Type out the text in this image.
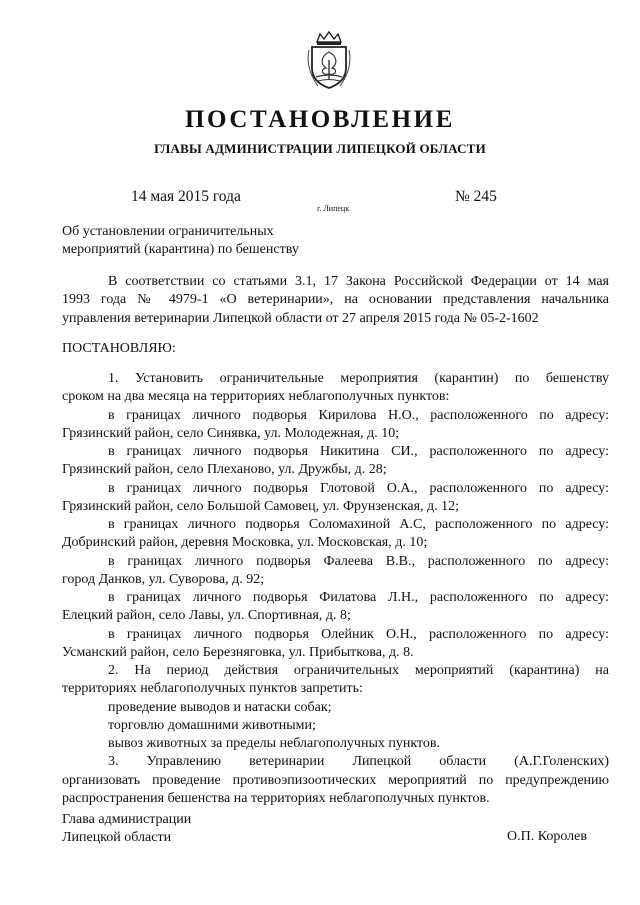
ПОСТАНОВЛЕНИЕ
ГЛАВЫ АДМИНИСТРАЦИИ ЛИПЕЦКОЙ ОБЛАСТИ
14 мая 2015 года
г. Липецк
№ 245
Об установлении ограничительных
мероприятий (карантина) по бешенству

В соответствии со статьями 3.1, 17 Закона Российской Федерации от 14 мая

1993 года № 4979-1 «О ветеринарии», на основании представления начальника

управления ветеринарии Липецкой области от 27 апреля 2015 года № 05-2-1602

ПОСТАНОВЛЯЮ:

1. Установить ограничительные мероприятия (карантин) по бешенству

сроком на два месяца на территориях неблагополучных пунктов:

в границах личного подворья Кирилова Н.О., расположенного по адресу:

Грязинский район, село Синявка, ул. Молодежная, д. 10;

в границах личного подворья Никитина СИ., расположенного по адресу:

Грязинский район, село Плеханово, ул. Дружбы, д. 28;

в границах личного подворья Глотовой О.А., расположенного по адресу:

Грязинский район, село Большой Самовец, ул. Фрунзенская, д. 12;

в границах личного подворья Соломахиной А.С, расположенного по адресу:

Добринский район, деревня Московка, ул. Московская, д. 10;

в границах личного подворья Фалеева В.В., расположенного по адресу:

город Данков, ул. Суворова, д. 92;

в границах личного подворья Филатова Л.Н., расположенного по адресу:

Елецкий район, село Лавы, ул. Спортивная, д. 8;

в границах личного подворья Олейник О.Н., расположенного по адресу:

Усманский район, село Березняговка, ул. Прибыткова, д. 8.

2. На период действия ограничительных мероприятий (карантина) на

территориях неблагополучных пунктов запретить:

проведение выводов и натаски собак;

торговлю домашними животными;

вывоз животных за пределы неблагополучных пунктов.

3. Управлению ветеринарии Липецкой области (А.Г.Голенских)

организовать проведение противоэпизоотических мероприятий по предупреждению

распространения бешенства на территориях неблагополучных пунктов.

Глава администрации
Липецкой области	О.П. Королев
